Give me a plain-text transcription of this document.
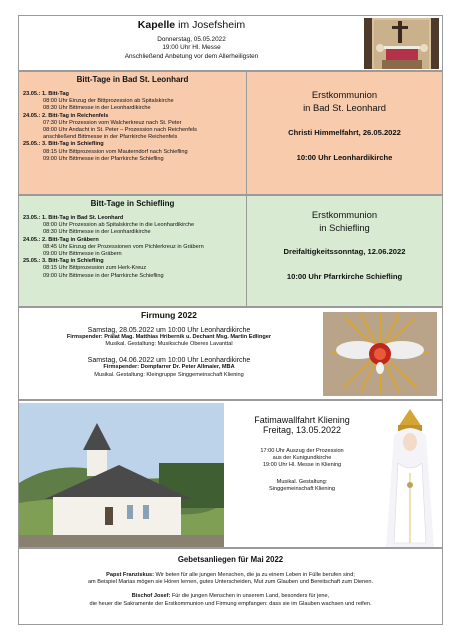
Kapelle im Josefsheim
Donnerstag, 05.05.2022
19:00 Uhr Hl. Messe
Anschließend Anbetung vor dem Allerheiligsten
Bitt-Tage in Bad St. Leonhard
23.05.: 1. Bitt-Tag
08:00 Uhr Einzug der Bittprozession ab Spitalskirche
08:30 Uhr Bittmesse in der Leonhardikirche
24.05.: 2. Bitt-Tag in Reichenfels
07:30 Uhr Prozession vom Walcherkreuz nach St. Peter
08:00 Uhr Andacht in St. Peter – Prozession nach Reichenfels
anschließend Bittmesse in der Pfarrkirche Reichenfels
25.05.: 3. Bitt-Tag in Schiefling
08:15 Uhr Bittprozession vom Mauterndorf nach Schiefling
09:00 Uhr Bittmesse in der Pfarrkirche Schiefling
Erstkommunion
in Bad St. Leonhard
Christi Himmelfahrt, 26.05.2022
10:00 Uhr Leonhardikirche
Bitt-Tage in Schiefling
23.05.: 1. Bitt-Tag in Bad St. Leonhard
08:00 Uhr Prozession ab Spitalskirche in die Leonhardikirche
08:30 Uhr Bittmesse in der Leonhardikirche
24.05.: 2. Bitt-Tag in Gräbern
08:45 Uhr Einzug der Prozessionen vom Pichlerkreuz in Gräbern
09:00 Uhr Bittmesse in Gräbern
25.05.: 3. Bitt-Tag in Schiefling
08:15 Uhr Bittprozession zum Herk-Kreuz
09:00 Uhr Bittmesse in der Pfarrkirche Schiefling
Erstkommunion
in Schiefling
Dreifaltigkeitssonntag, 12.06.2022
10:00 Uhr Pfarrkirche Schiefling
Firmung 2022
Samstag, 28.05.2022 um 10:00 Uhr Leonhardikirche
Firmspender: Prälat Mag. Matthias Hribernik u. Dechant Msg. Martin Edlinger
Musikal. Gestaltung: Musikschule Oberes Lavanttal
Samstag, 04.06.2022 um 10:00 Uhr Leonhardikirche
Firmspender: Dompfarrer Dr. Peter Allmaier, MBA
Musikal. Gestaltung: Kleingruppe Singgemeinschaft Kliening
Fatimawallfahrt Kliening
Freitag, 13.05.2022
17:00 Uhr Auszug der Prozession
aus der Kunigundkirche
19:00 Uhr Hl. Messe in Kliening
Musikal. Gestaltung:
Singgemeinschaft Kliening
Gebetsanliegen für Mai 2022
Papst Franziskus: Wir beten für alle jungen Menschen, die ja zu einem Leben in Fülle berufen sind;
am Beispiel Marias mögen sie Hören lernen, gutes Unterscheiden, Mut zum Glauben und Bereitschaft zum Dienen.
Bischof Josef: Für die jungen Menschen in unserem Land, besonders für jene,
die heuer die Sakramente der Erstkommunion und Firmung empfangen: dass sie im Glauben wachsen und reifen.
